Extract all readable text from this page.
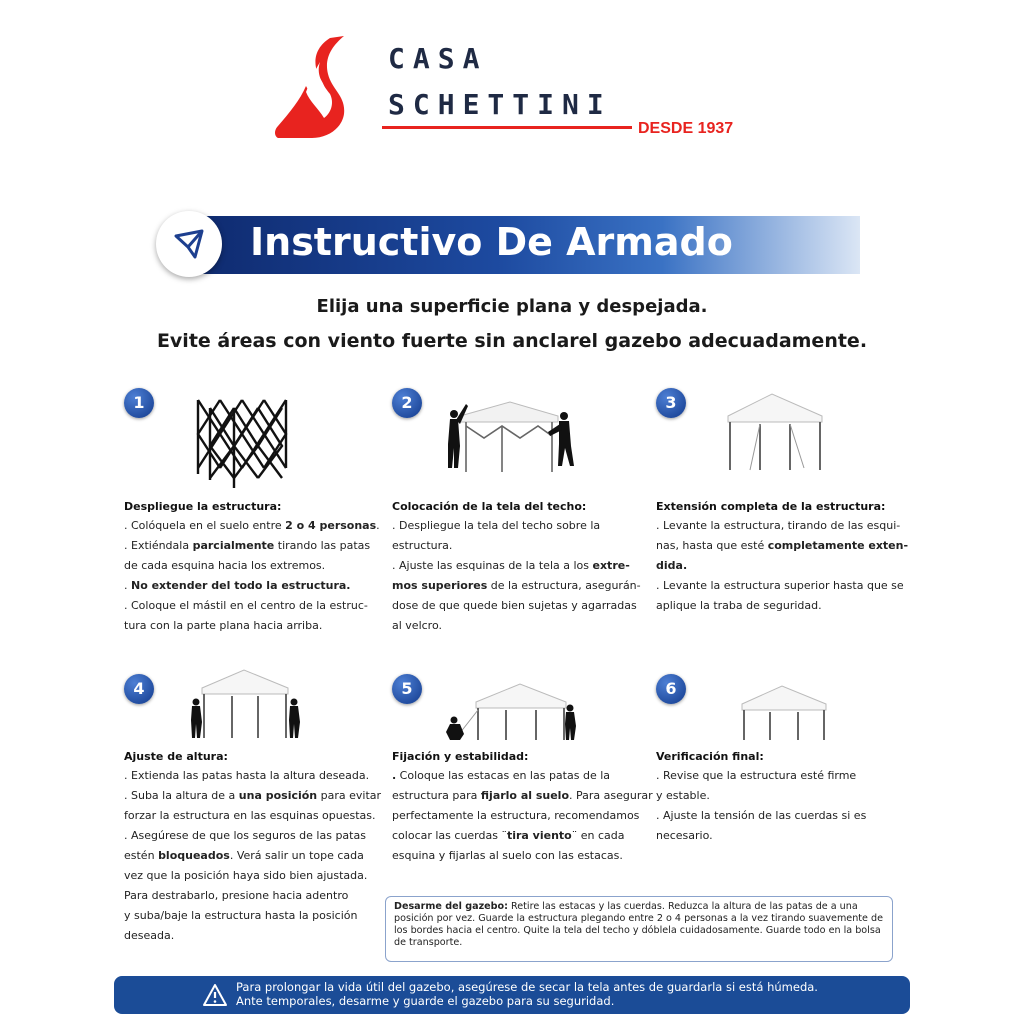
CASA
SCHETTINI
DESDE 1937
Instructivo De Armado
Elija una superficie plana y despejada.
Evite áreas con viento fuerte sin anclarel gazebo adecuadamente.
1
Despliegue la estructura:
. Colóquela en el suelo entre 2 o 4 personas.
. Extiéndala parcialmente tirando las patas
de cada esquina hacia los extremos.
. No extender del todo la estructura.
. Coloque el mástil en el centro de la estruc-
tura con la parte plana hacia arriba.
2
Colocación de la tela del techo:
. Despliegue la tela del techo sobre la
estructura.
. Ajuste las esquinas de la tela a los extre-
mos superiores de la estructura, asegurán-
dose de que quede bien sujetas y agarradas
al velcro.
3
Extensión completa de la estructura:
. Levante la estructura, tirando de las esqui-
nas, hasta que esté completamente exten-
dida.
. Levante la estructura superior hasta que se
aplique la traba de seguridad.
4
Ajuste de altura:
. Extienda las patas hasta la altura deseada.
. Suba la altura de a una posición para evitar
forzar la estructura en las esquinas opuestas.
. Asegúrese de que los seguros de las patas
estén bloqueados. Verá salir un tope cada
vez que la posición haya sido bien ajustada.
Para destrabarlo, presione hacia adentro
y suba/baje la estructura hasta la posición
deseada.
5
Fijación y estabilidad:
. Coloque las estacas en las patas de la
estructura para fijarlo al suelo. Para asegurar
perfectamente la estructura, recomendamos
colocar las cuerdas ¨tira viento¨ en cada
esquina y fijarlas al suelo con las estacas.
6
Verificación final:
. Revise que la estructura esté firme
y estable.
. Ajuste la tensión de las cuerdas si es
necesario.
Desarme del gazebo: Retire las estacas y las cuerdas. Reduzca la altura de las patas de a una posición por vez. Guarde la estructura plegando entre 2 o 4 personas a la vez tirando suavemente de los bordes hacia el centro. Quite la tela del techo y dóblela cuidadosamente. Guarde todo en la bolsa de transporte.
Para prolongar la vida útil del gazebo, asegúrese de secar la tela antes de guardarla si está húmeda.
Ante temporales, desarme y guarde el gazebo para su seguridad.
